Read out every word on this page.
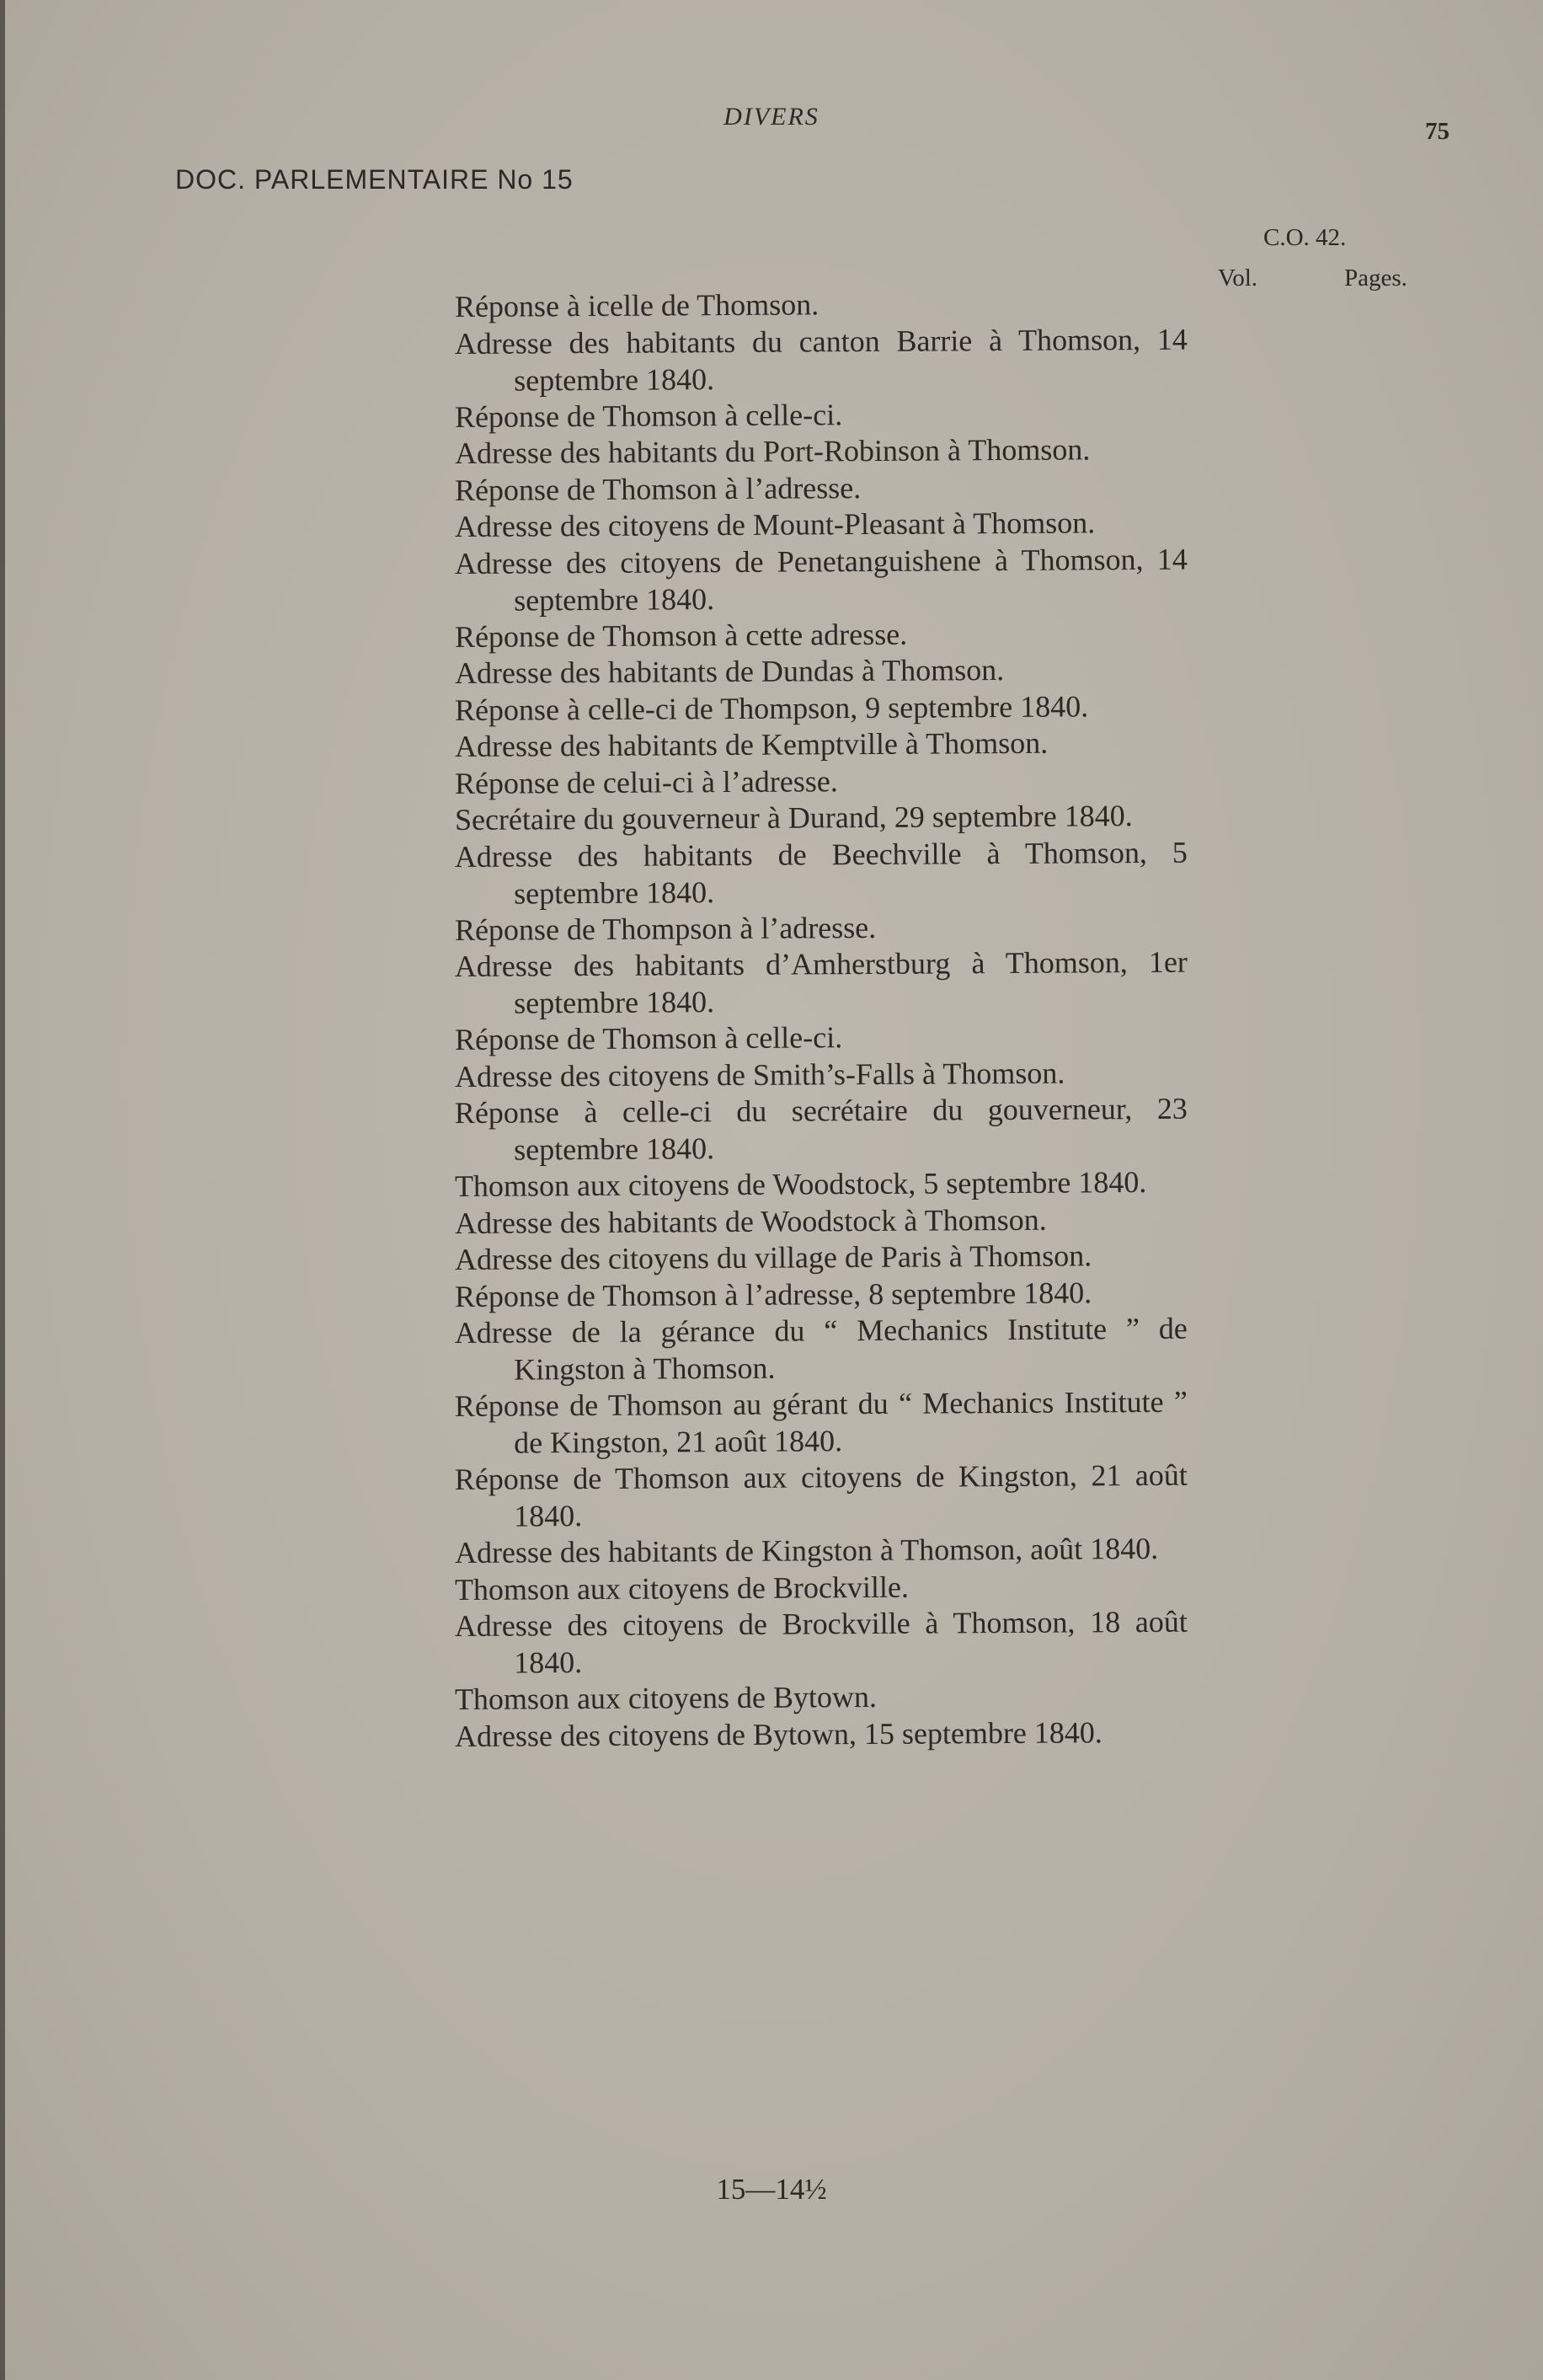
DIVERS
75
DOC. PARLEMENTAIRE No 15
C.O. 42.
Vol.	Pages.
Réponse à icelle de Thomson.
Adresse des habitants du canton Barrie à Thomson, 14 septembre 1840.
Réponse de Thomson à celle-ci.
Adresse des habitants du Port-Robinson à Thomson.
Réponse de Thomson à l’adresse.
Adresse des citoyens de Mount-Pleasant à Thomson.
Adresse des citoyens de Penetanguishene à Thomson, 14 septembre 1840.
Réponse de Thomson à cette adresse.
Adresse des habitants de Dundas à Thomson.
Réponse à celle-ci de Thompson, 9 septembre 1840.
Adresse des habitants de Kemptville à Thomson.
Réponse de celui-ci à l’adresse.
Secrétaire du gouverneur à Durand, 29 septembre 1840.
Adresse des habitants de Beechville à Thomson, 5 septembre 1840.
Réponse de Thompson à l’adresse.
Adresse des habitants d’Amherstburg à Thomson, 1er septembre 1840.
Réponse de Thomson à celle-ci.
Adresse des citoyens de Smith’s-Falls à Thomson.
Réponse à celle-ci du secrétaire du gouverneur, 23 septembre 1840.
Thomson aux citoyens de Woodstock, 5 septembre 1840.
Adresse des habitants de Woodstock à Thomson.
Adresse des citoyens du village de Paris à Thomson.
Réponse de Thomson à l’adresse, 8 septembre 1840.
Adresse de la gérance du “ Mechanics Institute ” de Kingston à Thomson.
Réponse de Thomson au gérant du “ Mechanics Institute ” de Kingston, 21 août 1840.
Réponse de Thomson aux citoyens de Kingston, 21 août 1840.
Adresse des habitants de Kingston à Thomson, août 1840.
Thomson aux citoyens de Brockville.
Adresse des citoyens de Brockville à Thomson, 18 août 1840.
Thomson aux citoyens de Bytown.
Adresse des citoyens de Bytown, 15 septembre 1840.
15—14½
